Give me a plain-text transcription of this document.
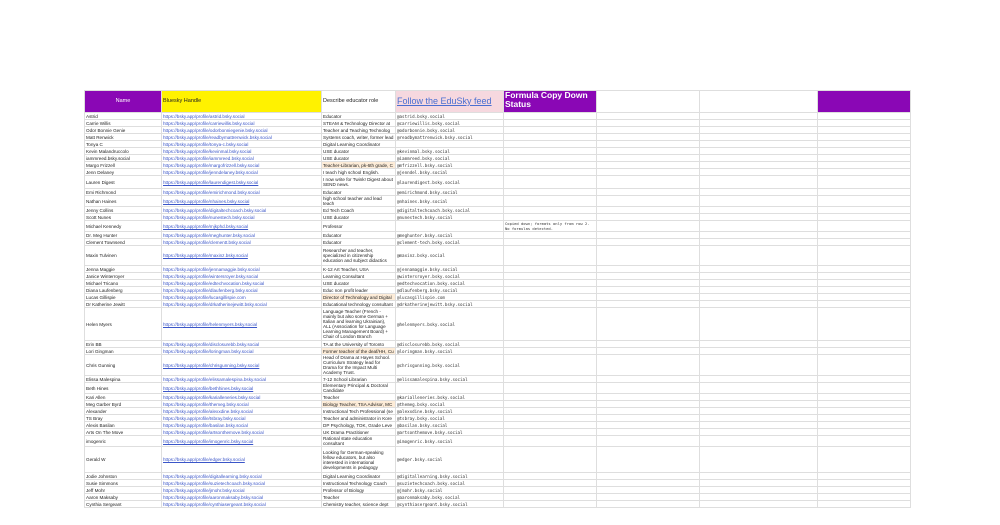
Name	Bluesky Handle	Describe educator role	Follow the EduSky feed	Formula Copy Down Status			
Astrid	https://bsky.app/profile/astrid.bsky.social	Educator	@astrid.bsky.social				
Carrie Willis	https://bsky.app/profile/carriewillis.bsky.social	STEAM & Technology Director at	@carriewillis.bsky.social				
Odor Bonnie Genie	https://bsky.app/profile/odorbonniegenie.bsky.social	Teacher and Teaching Technolog	@odorbonnie.bsky.social				
Matt Renwick	https://bsky.app/profile/readbymattrenwick.bsky.social	Systems coach, writer, former lead	@readbymattrenwick.bsky.social				
Tonya C	https://bsky.app/profile/tonya-c.bsky.social	Digital Learning Coordinator					
Kevin Malandruccolo	https://bsky.app/profile/kevinmal.bsky.social	USE ducator	@kevinmal.bsky.social				
iammreed.bsky.social	https://bsky.app/profile/iammreed.bsky.social	USE ducator	@iammreed.bsky.social				
Margo Frizzell	https://bsky.app/profile/margofrizzell.bsky.social	Teacher-Librarian, pk-6th grade, C	@mfrizzell.bsky.social				
Jenn Delaney	https://bsky.app/profile/jenndelaney.bsky.social	I teach high school English.	@jenndel.bsky.social				
Lauren Digest	https://bsky.app/profile/laurendigest.bsky.social	I now write for Twink! Digest about SEND news.	@laurendigest.bsky.social				
Emi Richmond	https://bsky.app/profile/emirichmond.bsky.social	Educator	@emirichmond.bsky.social				
Nathan Haines	https://bsky.app/profile/nhaines.bsky.social	high school teacher and lead teach	@nhaines.bsky.social				
Jenny Collins	https://bsky.app/profile/digitaltechcoach.bsky.social	Ed Tech Coach	@digitaltechcoach.bsky.social				
Scott Nunes	https://bsky.app/profile/nunestech.bsky.social	USE ducator	@nunestech.bsky.social				
Michael Kennedy	https://bsky.app/profile/mjkphd.bsky.social	Professor		Copied down; formats only from row 2. No formulas detected.			
Dr. Meg Hunter	https://bsky.app/profile/meghunter.bsky.social	Educator	@meghunter.bsky.social				
Clement Townsend	https://bsky.app/profile/clementt.bsky.social	Educator	@clement-tech.bsky.social				
Maxin Tulvinen	https://bsky.app/profile/maxinz.bsky.social	Researcher and teacher, specialized in citizenship education and subject didactics	@maxinz.bsky.social				
Jenna Maggie	https://bsky.app/profile/jennamaggie.bsky.social	K-12 Art Teacher, USA	@jennamaggie.bsky.social				
Janice Winterroyer	https://bsky.app/profile/wintersroyer.bsky.social	Learning Consultant	@wintersroyer.bsky.social				
Michael Tricano	https://bsky.app/profile/edtechvocation.bsky.social	USE ducator	@edtechvocation.bsky.social				
Diana Laufenberg	https://bsky.app/profile/dlaufenberg.bsky.social	Educ non profit leader	@dlaufenberg.bsky.social				
Lucas Gillispie	https://bsky.app/profile/lucasgillispie.com	Director of Technology and Digital	@lucasgillispie.com				
Dr Katherine Jewitt	https://bsky.app/profile/drkatherinejewitt.bsky.social	Educational technology consultant	@drkatherinejewitt.bsky.social				
Helen Myers	https://bsky.app/profile/helenmyers.bsky.social	Language Teacher (French - mainly but also some German + Italian and learning Ukrainian), ALL (Association for Language Learning Management Board) + Chair of London Branch	@helenmyers.bsky.social				
Erin BB	https://bsky.app/profile/disclosurebb.bsky.social	TA at the University of Toronto	@disclosurebb.bsky.social				
Lori Gingman	https://bsky.app/profile/loringman.bsky.social	Former teacher of the deaf/HH, Cu	@loringman.bsky.social				
Chris Gunning	https://bsky.app/profile/chrisgunning.bsky.social	Head of Drama at Hayes School. Curriculum Strategy lead for Drama for the Impact Multi Academy Trust.	@chrisgunning.bsky.social				
Elissa Malespina	https://bsky.app/profile/elissamalespina.bsky.social	7-12 School Librarian	@elissamalespina.bsky.social				
Beth Hines	https://bsky.app/profile/bethhines.bsky.social	Elementary Principal & Doctoral Candidate					
Kari Allen	https://bsky.app/profile/karialleneries.bsky.social	Teacher	@karialleneries.bsky.social				
Meg Garber Byrd	https://bsky.app/profile/themeg.bsky.social	Biology Teacher, TSA Advisor, MC	@themeg.bsky.social				
Alexander	https://bsky.app/profile/alexxdine.bsky.social	Instructional Tech Professional (se	@alexxdine.bsky.social				
TS Bray	https://bsky.app/profile/tsbray.bsky.social	Teacher and administrator in Kore	@tsbray.bsky.social				
Alexis Basilan	https://bsky.app/profile/basilan.bsky.social	DP Psychology, TOK, Grade Leve	@basilan.bsky.social				
Arts On The Move	https://bsky.app/profile/artsonthemove.bsky.social	UK Drama Practitioner	@artsonthemove.bsky.social				
imogenric	https://bsky.app/profile/imogenric.bsky.social	Rational state education consultant	@imogenric.bsky.social				
Gerald W	https://bsky.app/profile/edger.bsky.social	Looking for German-speaking fellow educators, but also interested in international developments in pedagogy	@edger.bsky.social				
Jodie Johnston	https://bsky.app/profile/digitallearning.bsky.social	Digital Learning Coordinator	@digitallearning.bsky.social				
Susie Simmons	https://bsky.app/profile/suzietechcoach.bsky.social	Instructional Technology Coach	@suzietechcoach.bsky.social				
Jeff Mohr	https://bsky.app/profile/jmohr.bsky.social	Professor of Biology	@jmohr.bsky.social				
Aaron Maksaby	https://bsky.app/profile/aaronmaksaby.bsky.social	Teacher	@aaronmaksaby.bsky.social				
Cynthia Sergeant	https://bsky.app/profile/cynthiasergeant.bsky.social	Chemistry teacher, science dept	@cynthiasergeant.bsky.social				
